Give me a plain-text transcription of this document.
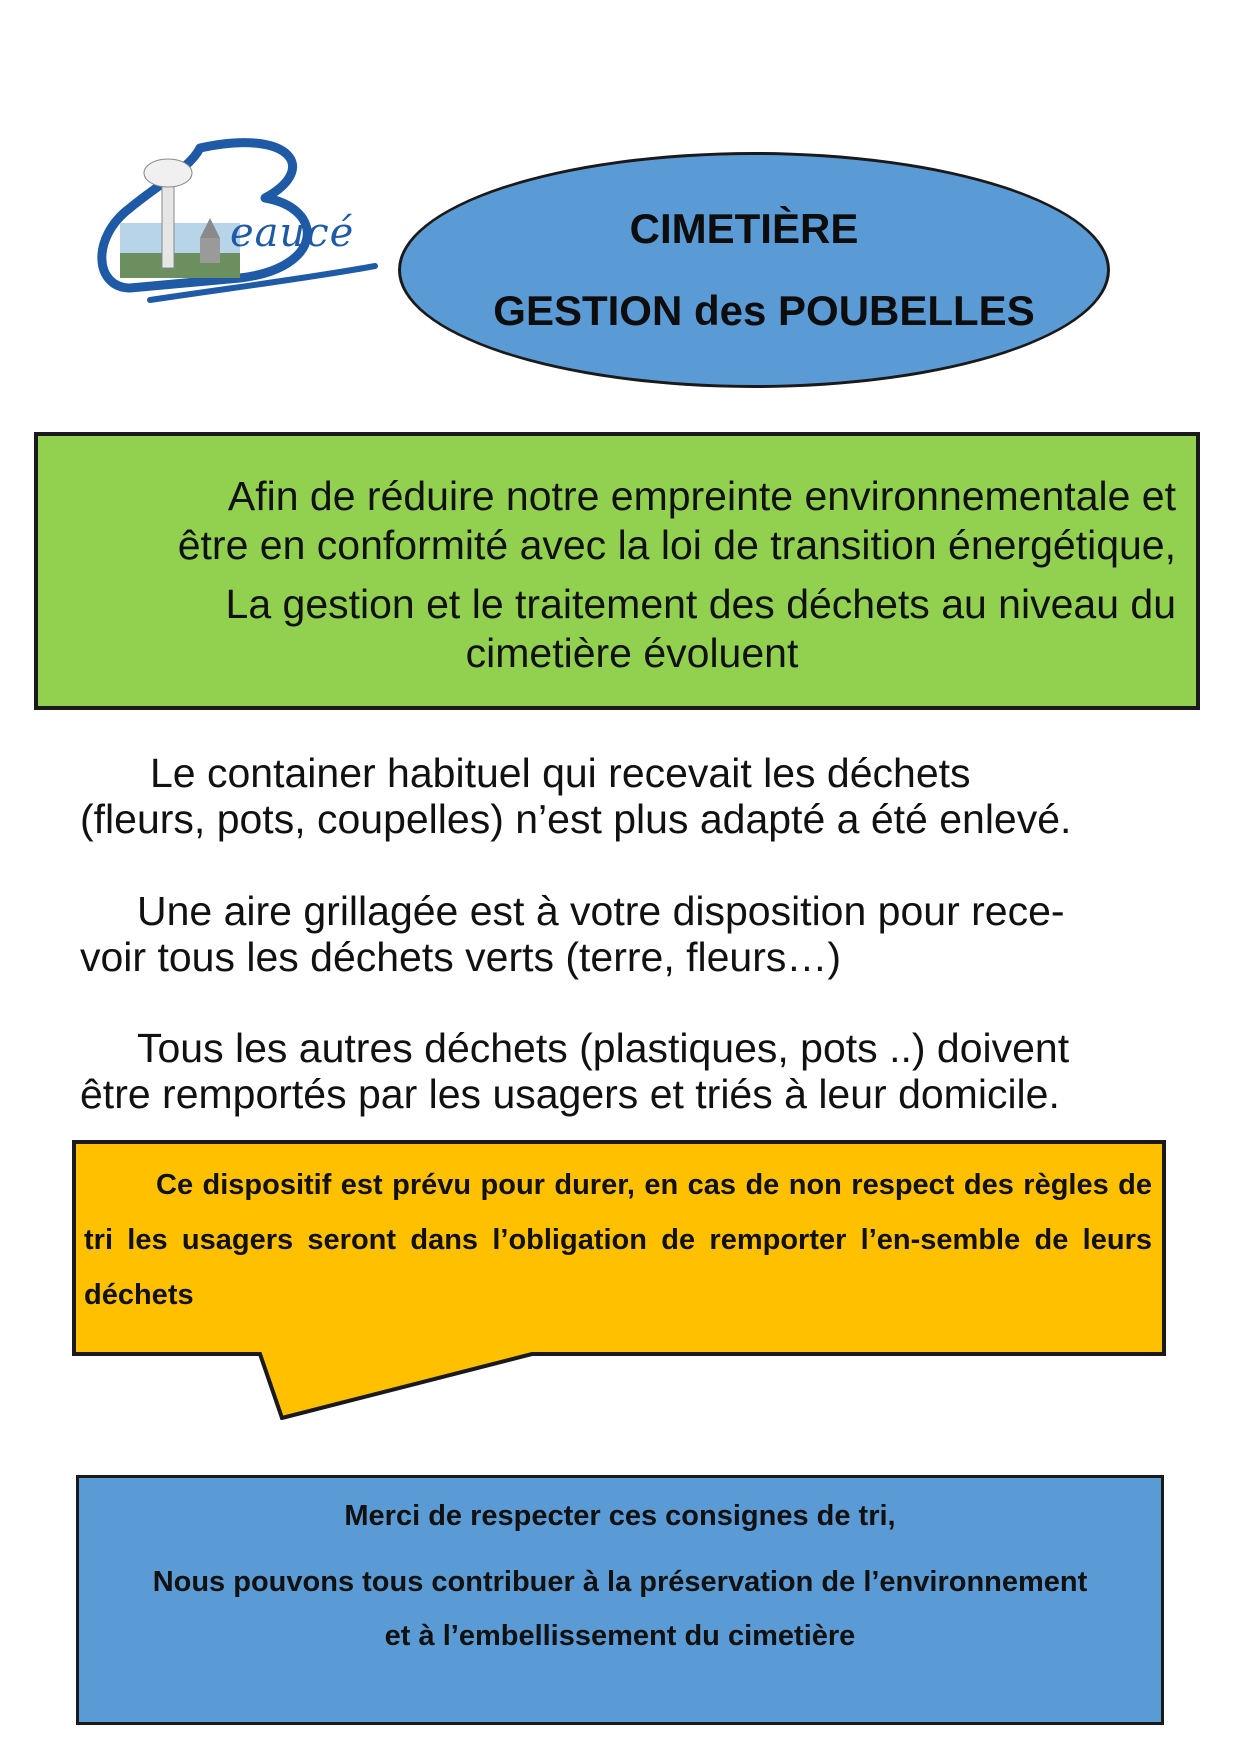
eaucé	CIMETIÈRE
GESTION des POUBELLES

Afin de réduire notre empreinte environnementale et

être en conformité avec la loi de transition énergétique,

La gestion et le traitement des déchets au niveau du

cimetière évoluent

Le container habituel qui recevait les déchets

(fleurs, pots, coupelles) n’est plus adapté a été enlevé.

Une aire grillagée est à votre disposition pour rece-

voir tous les déchets verts (terre, fleurs…)

Tous les autres déchets (plastiques, pots ..) doivent

être remportés par les usagers et triés à leur domicile.

Ce dispositif est prévu pour durer, en cas de non respect des règles de tri les usagers seront dans l’obligation de remporter l’en-semble de leurs déchets

Merci de respecter ces consignes de tri,

Nous pouvons tous contribuer à la préservation de l’environnement

et à l’embellissement du cimetière
